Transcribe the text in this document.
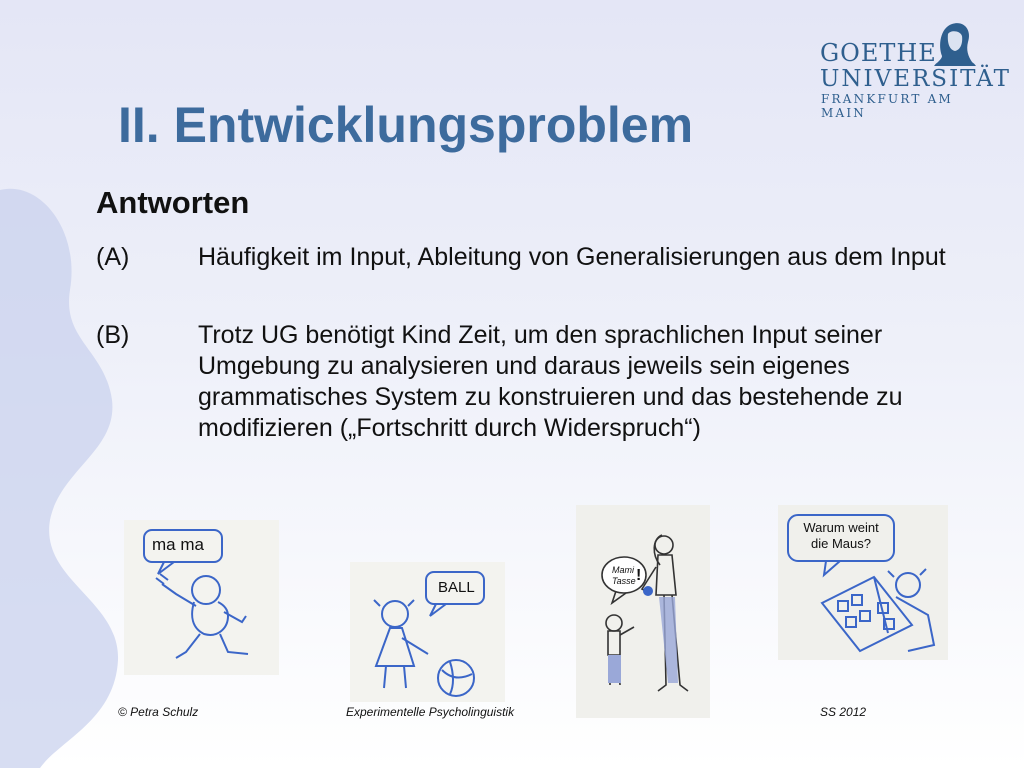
GOETHE
UNIVERSITÄT
FRANKFURT AM MAIN
II. Entwicklungsproblem
Antworten
(A)	Häufigkeit im Input, Ableitung von Generalisierungen aus dem Input
(B)	Trotz UG benötigt Kind Zeit, um den sprachlichen Input seiner Umgebung zu analysieren und daraus jeweils sein eigenes grammatisches System zu konstruieren und das bestehende zu modifizieren („Fortschritt durch Widerspruch“)
ma ma
BALL
Mami
Tasse !
Warum weint
die Maus?
© Petra Schulz	Experimentelle Psycholinguistik	SS 2012
